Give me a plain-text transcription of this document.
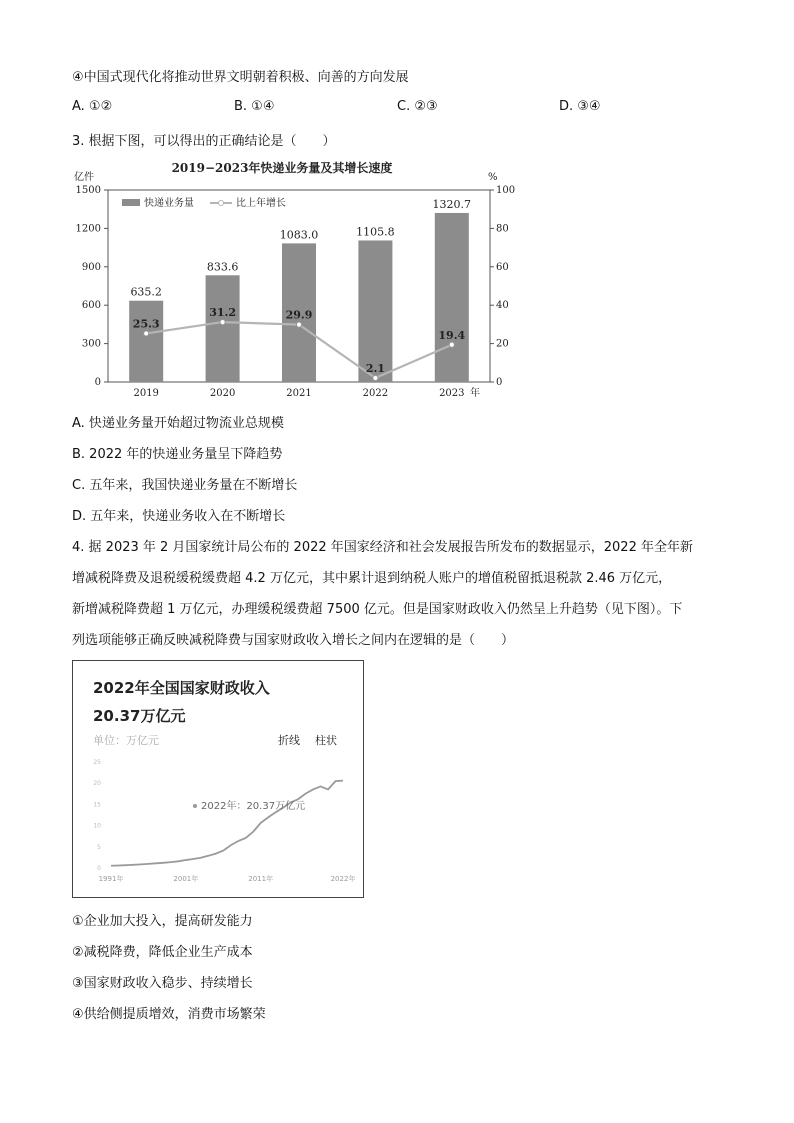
④中国式现代化将推动世界文明朝着积极、向善的方向发展
A. ①②	B. ①④	C. ②③	D. ③④
3. 根据下图，可以得出的正确结论是（　　）
2019−2023年快递业务量及其增长速度
亿件	%
0
300
600
900
1200
1500
0
20
40
60
80
100
快递业务量	比上年增长
635.2
833.6
1083.0	1105.8
1320.7
25.3
31.2	29.9
2.1
19.4
2019	2020	2021	2022	2023 年
A. 快递业务量开始超过物流业总规模
B. 2022 年的快递业务量呈下降趋势
C. 五年来，我国快递业务量在不断增长
D. 五年来，快递业务收入在不断增长
4. 据 2023 年 2 月国家统计局公布的 2022 年国家经济和社会发展报告所发布的数据显示，2022 年全年新
增减税降费及退税缓税缓费超 4.2 万亿元，其中累计退到纳税人账户的增值税留抵退税款 2.46 万亿元，
新增减税降费超 1 万亿元，办理缓税缓费超 7500 亿元。但是国家财政收入仍然呈上升趋势（见下图）。下
列选项能够正确反映减税降费与国家财政收入增长之间内在逻辑的是（　　）
2022年全国国家财政收入
20.37万亿元
单位：万亿元	折线 柱状
0
5
10
15
20
25
2022年：20.37万亿元
1991年	2001年	2011年	2022年
①企业加大投入，提高研发能力
②减税降费，降低企业生产成本
③国家财政收入稳步、持续增长
④供给侧提质增效，消费市场繁荣
